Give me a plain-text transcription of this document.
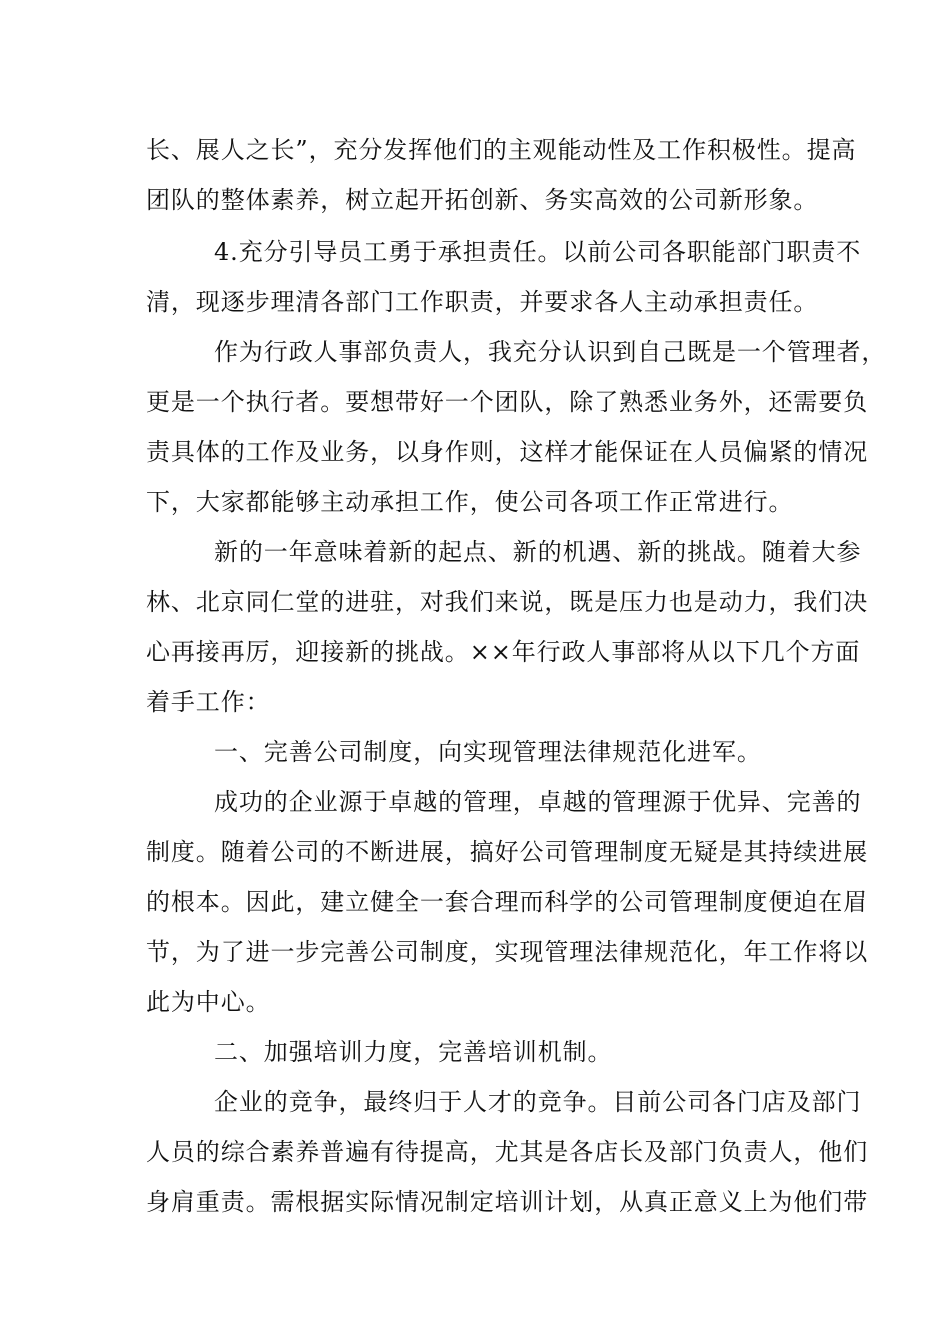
长、展人之长”，充分发挥他们的主观能动性及工作积极性。提高
团队的整体素养，树立起开拓创新、务实高效的公司新形象。
4.充分引导员工勇于承担责任。以前公司各职能部门职责不
清，现逐步理清各部门工作职责，并要求各人主动承担责任。
作为行政人事部负责人，我充分认识到自己既是一个管理者，
更是一个执行者。要想带好一个团队，除了熟悉业务外，还需要负
责具体的工作及业务，以身作则，这样才能保证在人员偏紧的情况
下，大家都能够主动承担工作，使公司各项工作正常进行。
新的一年意味着新的起点、新的机遇、新的挑战。随着大参
林、北京同仁堂的进驻，对我们来说，既是压力也是动力，我们决
心再接再厉，迎接新的挑战。××年行政人事部将从以下几个方面
着手工作：
一、完善公司制度，向实现管理法律规范化进军。
成功的企业源于卓越的管理，卓越的管理源于优异、完善的
制度。随着公司的不断进展，搞好公司管理制度无疑是其持续进展
的根本。因此，建立健全一套合理而科学的公司管理制度便迫在眉
节，为了进一步完善公司制度，实现管理法律规范化，年工作将以
此为中心。
二、加强培训力度，完善培训机制。
企业的竞争，最终归于人才的竞争。目前公司各门店及部门
人员的综合素养普遍有待提高，尤其是各店长及部门负责人，他们
身肩重责。需根据实际情况制定培训计划，从真正意义上为他们带
